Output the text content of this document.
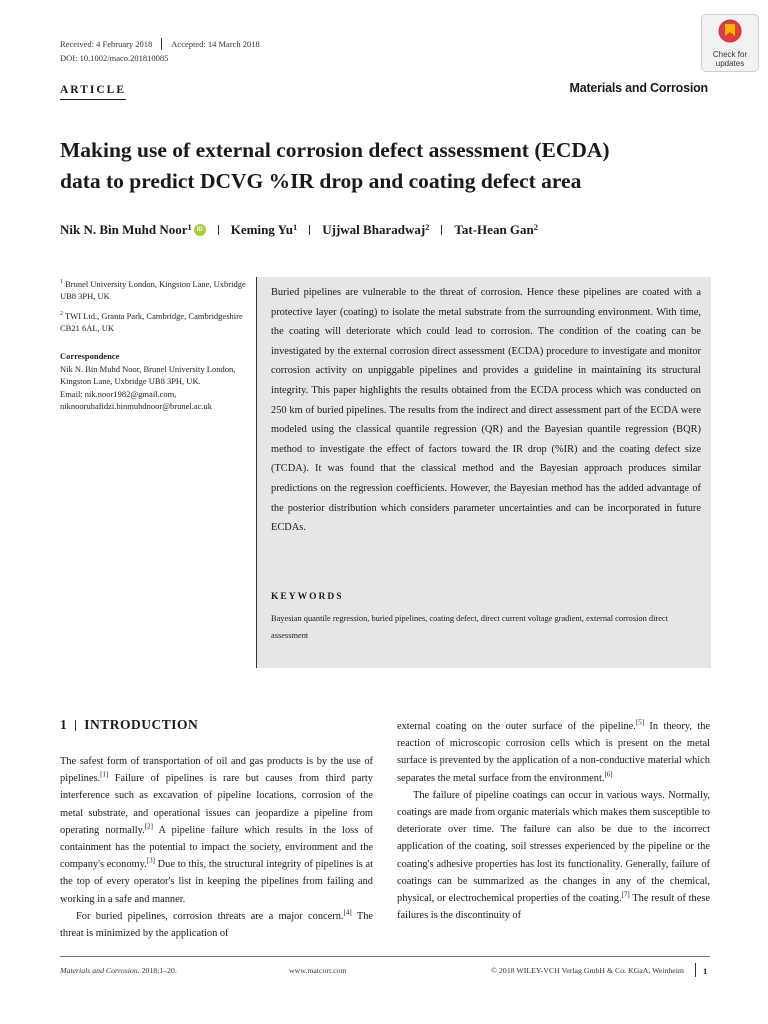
Received: 4 February 2018 Accepted: 14 March 2018
DOI: 10.1002/maco.201810085	Check for
updates
ARTICLE	Materials and Corrosion
Making use of external corrosion defect assessment (ECDA)
data to predict DCVG %IR drop and coating defect area
Nik N. Bin Muhd Noor$^1$ iD Keming Yu$^1$ Ujjwal Bharadwaj$^2$ Tat-Hean Gan$^2$
$^1$ Brunel University London, Kingston Lane, Uxbridge UB8 3PH, UK
$^2$ TWI Ltd., Granta Park, Cambridge, Cambridgeshire CB21 6AL, UK
Correspondence
Nik N. Bin Muhd Noor, Brunel University London, Kingston Lane, Uxbridge UB8 3PH, UK.
Email: nik.noor1982@gmail.com,
niknooruhafidzi.binmuhdnoor@brunel.ac.uk
Buried pipelines are vulnerable to the threat of corrosion. Hence these pipelines are coated with a protective layer (coating) to isolate the metal substrate from the surrounding environment. With time, the coating will deteriorate which could lead to corrosion. The condition of the coating can be investigated by the external corrosion direct assessment (ECDA) procedure to investigate and monitor corrosion activity on unpiggable pipelines and provides a guideline in maintaining its structural integrity. This paper highlights the results obtained from the ECDA process which was conducted on 250 km of buried pipelines. The results from the indirect and direct assessment part of the ECDA were modeled using the classical quantile regression (QR) and the Bayesian quantile regression (BQR) method to investigate the effect of factors toward the IR drop (%IR) and the coating defect size (TCDA). It was found that the classical method and the Bayesian approach produces similar predictions on the regression coefficients. However, the Bayesian method has the added advantage of the posterior distribution which considers parameter uncertainties and can be incorporated in future ECDAs.
KEYWORDS
Bayesian quantile regression, buried pipelines, coating defect, direct current voltage gradient, external corrosion direct assessment
1 INTRODUCTION

The safest form of transportation of oil and gas products is by the use of pipelines.[1] Failure of pipelines is rare but causes from third party interference such as excavation of pipeline locations, corrosion of the metal substrate, and operational issues can jeopardize a pipeline from operating normally.[2] A pipeline failure which results in the loss of containment has the potential to impact the society, environment and the company's economy.[3] Due to this, the structural integrity of pipelines is at the top of every operator's list in keeping the pipelines from failing and working in a safe and manner.

For buried pipelines, corrosion threats are a major concern.[4] The threat is minimized by the application of

external coating on the outer surface of the pipeline.[5] In theory, the reaction of microscopic corrosion cells which is present on the metal surface is prevented by the application of a non-conductive material which separates the metal surface from the environment.[6]

The failure of pipeline coatings can occur in various ways. Normally, coatings are made from organic materials which makes them susceptible to deteriorate over time. The failure can also be due to the incorrect application of the coating, soil stresses experienced by the pipeline or the coating's adhesive properties has lost its functionality. Generally, failure of coatings can be summarized as the changes in any of the chemical, physical, or electrochemical properties of the coating.[7] The result of these failures is the discontinuity of

Materials and Corrosion. 2018;1–20.	www.matcorr.com	© 2018 WILEY-VCH Verlag GmbH & Co. KGaA, Weinheim 1
